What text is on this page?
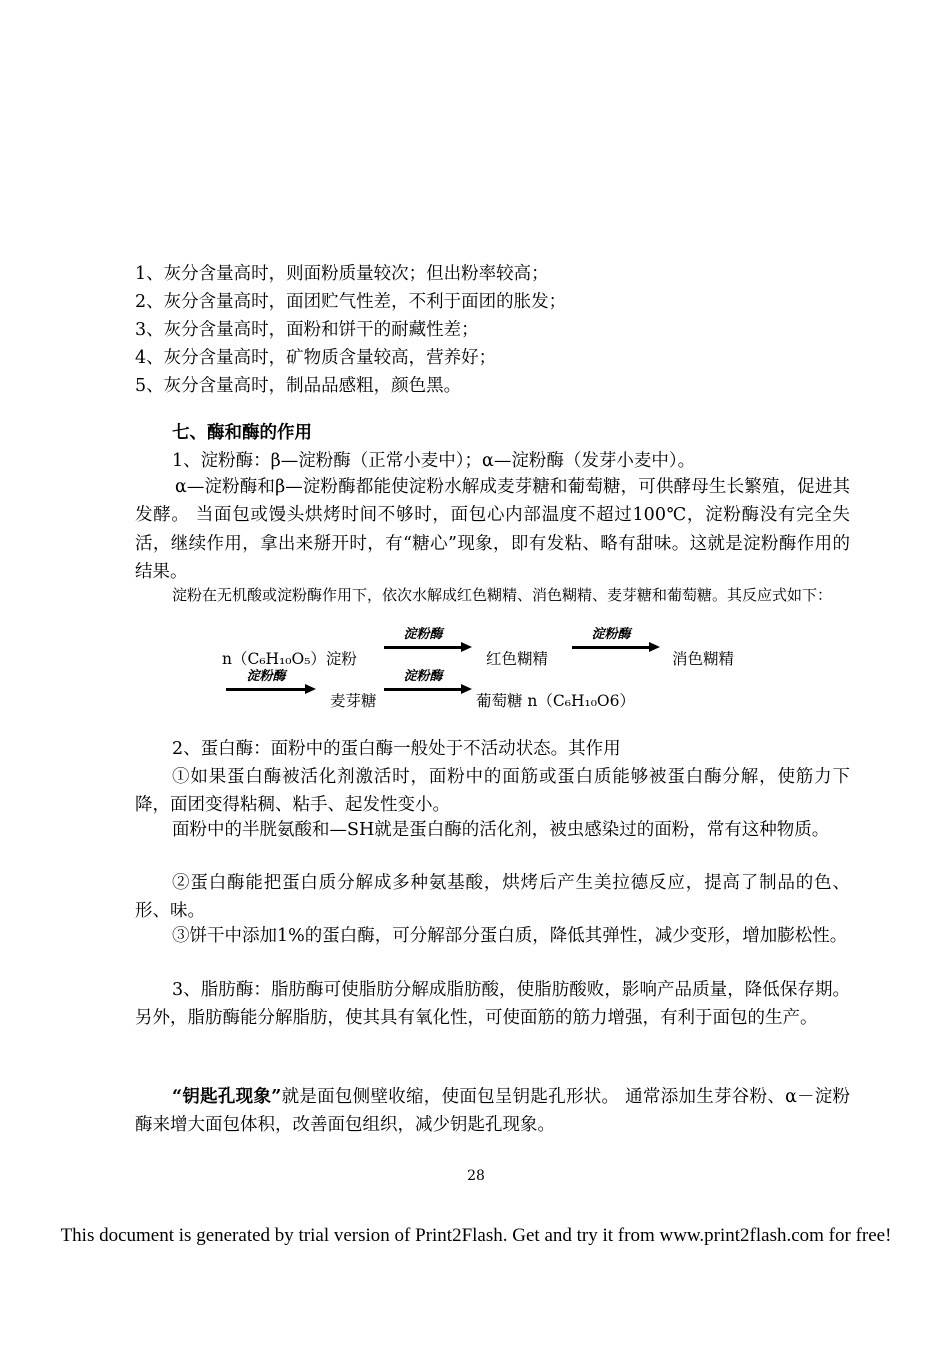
1、灰分含量高时，则面粉质量较次；但出粉率较高；
2、灰分含量高时，面团贮气性差，不利于面团的胀发；
3、灰分含量高时，面粉和饼干的耐藏性差；
4、灰分含量高时，矿物质含量较高，营养好；
5、灰分含量高时，制品品感粗，颜色黑。
七、酶和酶的作用
1、淀粉酶：β—淀粉酶（正常小麦中）；α—淀粉酶（发芽小麦中）。
α—淀粉酶和β—淀粉酶都能使淀粉水解成麦芽糖和葡萄糖，可供酵母生长繁殖，促进其发酵。 当面包或馒头烘烤时间不够时，面包心内部温度不超过100℃，淀粉酶没有完全失活，继续作用，拿出来掰开时，有“糖心”现象，即有发粘、略有甜味。这就是淀粉酶作用的结果。
淀粉在无机酸或淀粉酶作用下，依次水解成红色糊精、消色糊精、麦芽糖和葡萄糖。其反应式如下：
n（C₆H₁₀O₅）淀粉
淀粉酶
红色糊精
淀粉酶
消色糊精
淀粉酶
麦芽糖
淀粉酶
葡萄糖 n（C₆H₁₀O6）
2、蛋白酶：面粉中的蛋白酶一般处于不活动状态。其作用
①如果蛋白酶被活化剂激活时，面粉中的面筋或蛋白质能够被蛋白酶分解，使筋力下降，面团变得粘稠、粘手、起发性变小。
面粉中的半胱氨酸和—SH就是蛋白酶的活化剂，被虫感染过的面粉，常有这种物质。
②蛋白酶能把蛋白质分解成多种氨基酸，烘烤后产生美拉德反应，提高了制品的色、形、味。
③饼干中添加1%的蛋白酶，可分解部分蛋白质，降低其弹性，减少变形，增加膨松性。
3、脂肪酶：脂肪酶可使脂肪分解成脂肪酸，使脂肪酸败，影响产品质量，降低保存期。另外，脂肪酶能分解脂肪，使其具有氧化性，可使面筋的筋力增强，有利于面包的生产。
“钥匙孔现象”就是面包侧壁收缩，使面包呈钥匙孔形状。 通常添加生芽谷粉、α－淀粉酶来增大面包体积，改善面包组织，减少钥匙孔现象。
28
This document is generated by trial version of Print2Flash. Get and try it from www.print2flash.com for free!
